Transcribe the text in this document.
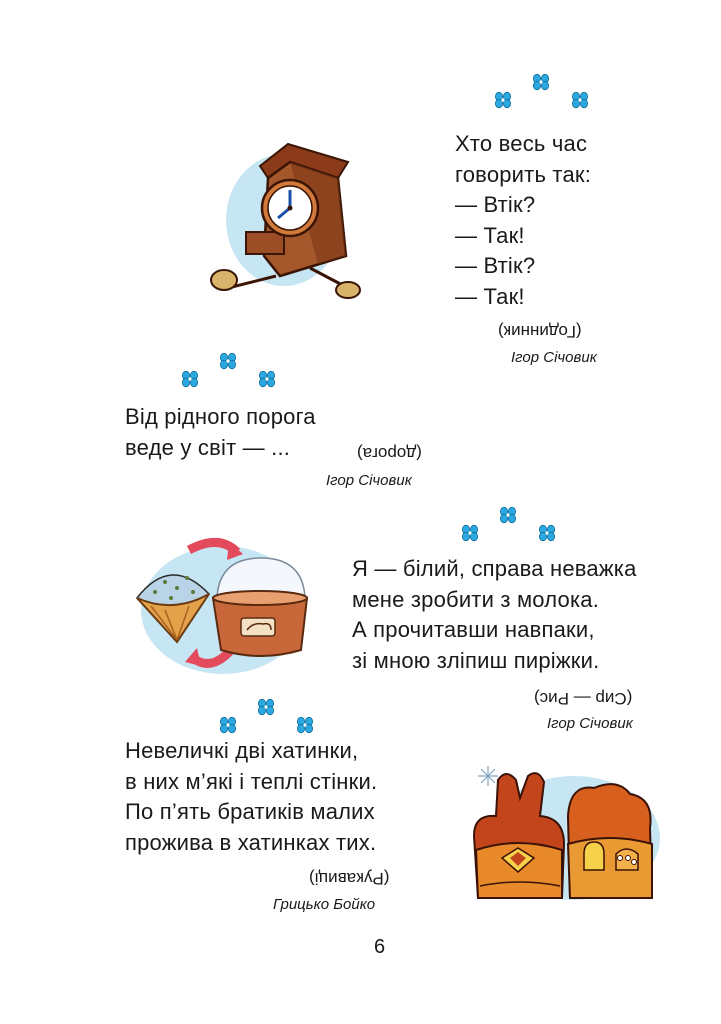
Хто весь час
говорить так:
— Втік?
— Так!
— Втік?
— Так!
(Годинник)
Ігор Січовик
Від рідного порога
веде у світ — ...	(дорога)
Ігор Січовик
Я — білий, справа неважка
мене зробити з молока.
А прочитавши навпаки,
зі мною зліпиш пиріжки.
(Сир — Рис)
Ігор Січовик
Невеличкі дві хатинки,
в них м’які і теплі стінки.
По п’ять братиків малих
прожива в хатинках тих.
(Рукавиці)
Грицько Бойко
6
